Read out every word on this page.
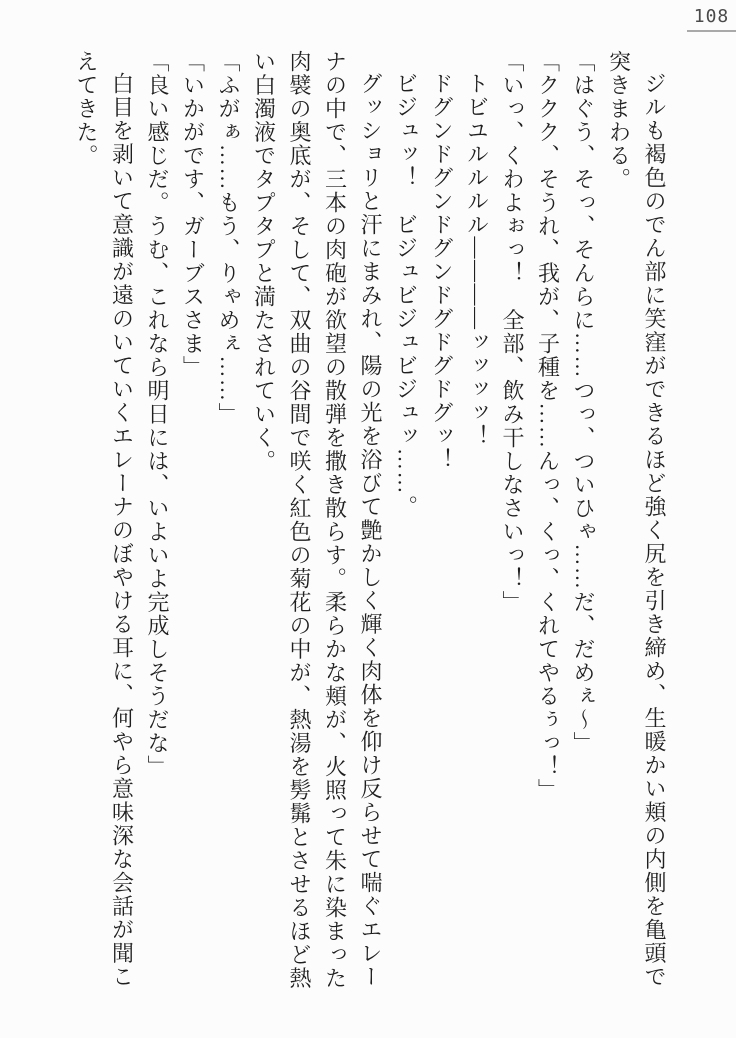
108

ジルも褐色のでん部に笑窪ができるほど強く尻を引き締め、生暖かい頬の内側を亀頭で突きまわる。

「はぐう、そっ、そんらに……つっ、ついひゃ……だ、だめぇ～」

「ククク、そうれ、我が、子種を……んっ、くっ、くれてやるぅっ！」

「いっ、くわよぉっ！　全部、飲み干しなさいっ！」

トビユルルルル――――ッッッッ！

ドグンドグンドグンドグドグドグッ！

ビジュッ！　ビジュビジュビジュッ……。

グッショリと汗にまみれ、陽の光を浴びて艶かしく輝く肉体を仰け反らせて喘ぐエレーナの中で、三本の肉砲が欲望の散弾を撒き散らす。柔らかな頬が、火照って朱に染まった肉襞の奥底が、そして、双曲の谷間で咲く紅色の菊花の中が、熱湯を髣髴とさせるほど熱い白濁液でタプタプと満たされていく。

「ふがぁ……もう、りゃめぇ……」

「いかがです、ガーブスさま」

「良い感じだ。うむ、これなら明日には、いよいよ完成しそうだな」

白目を剥いて意識が遠のいていくエレーナのぼやける耳に、何やら意味深な会話が聞こえてきた。
